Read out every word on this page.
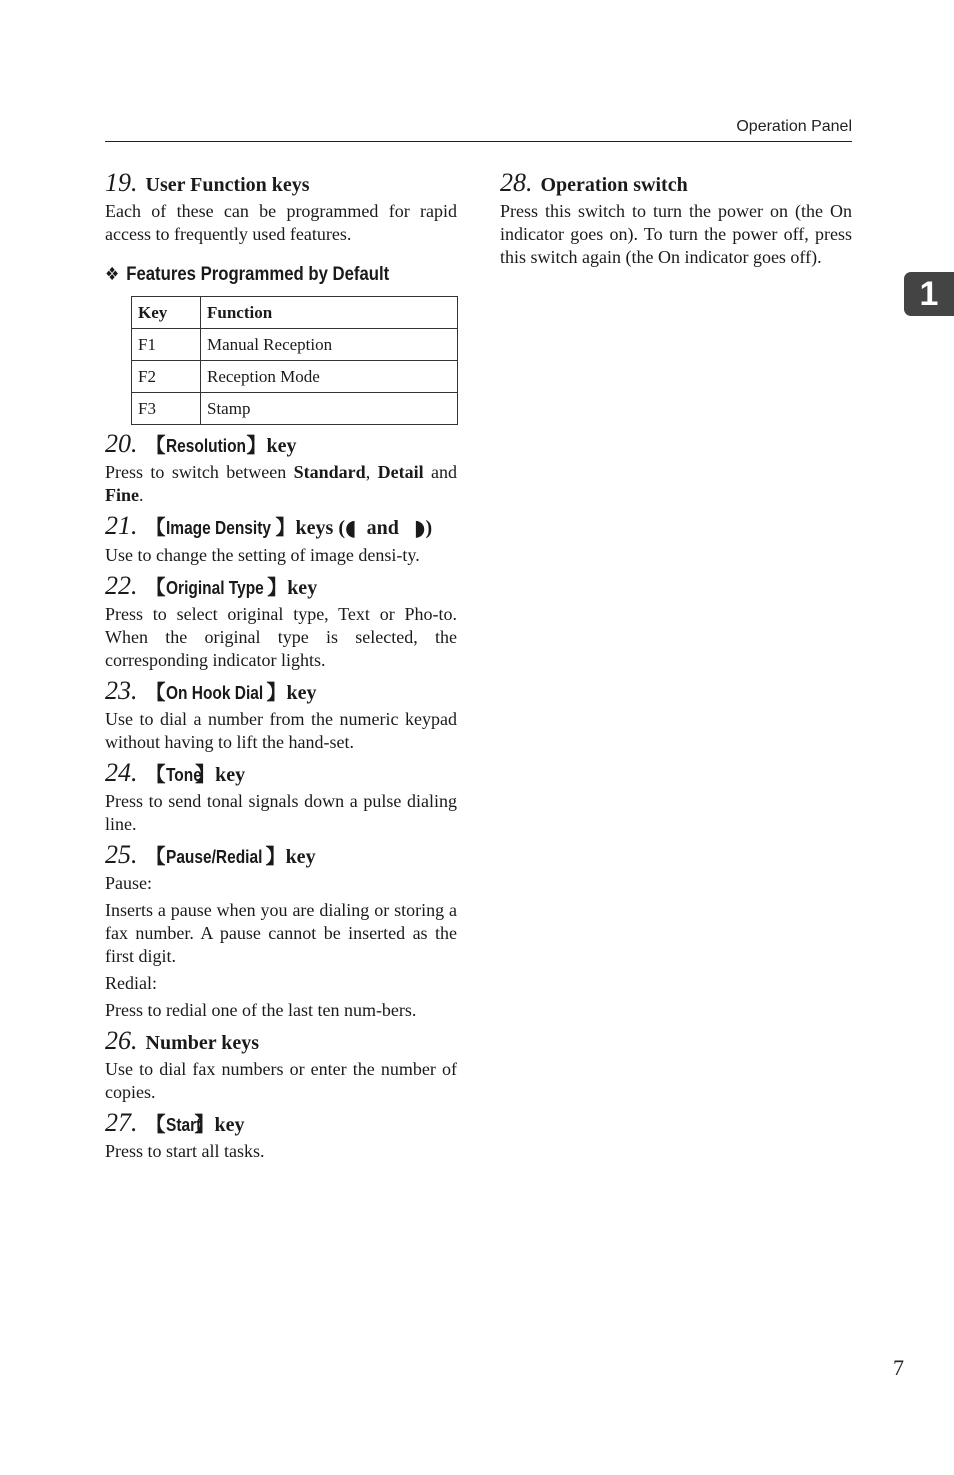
Operation Panel
1
19. User Function keys

Each of these can be programmed for rapid access to frequently used features.

❖ Features Programmed by Default
Key	Function
F1	Manual Reception
F2	Reception Mode
F3	Stamp
20. 【Resolution】key

Press to switch between Standard, Detail and Fine.

21. 【Image Density 】keys (◖ and ◗)

Use to change the setting of image densi-ty.

22. 【Original Type 】key

Press to select original type, Text or Pho-to. When the original type is selected, the corresponding indicator lights.

23. 【On Hook Dial 】key

Use to dial a number from the numeric keypad without having to lift the hand-set.

24. 【Tone】key

Press to send tonal signals down a pulse dialing line.

25. 【Pause/Redial 】key

Pause:

Inserts a pause when you are dialing or storing a fax number. A pause cannot be inserted as the first digit.

Redial:

Press to redial one of the last ten num-bers.

26. Number keys

Use to dial fax numbers or enter the number of copies.

27. 【Start】key

Press to start all tasks.

28. Operation switch

Press this switch to turn the power on (the On indicator goes on). To turn the power off, press this switch again (the On indicator goes off).

7
